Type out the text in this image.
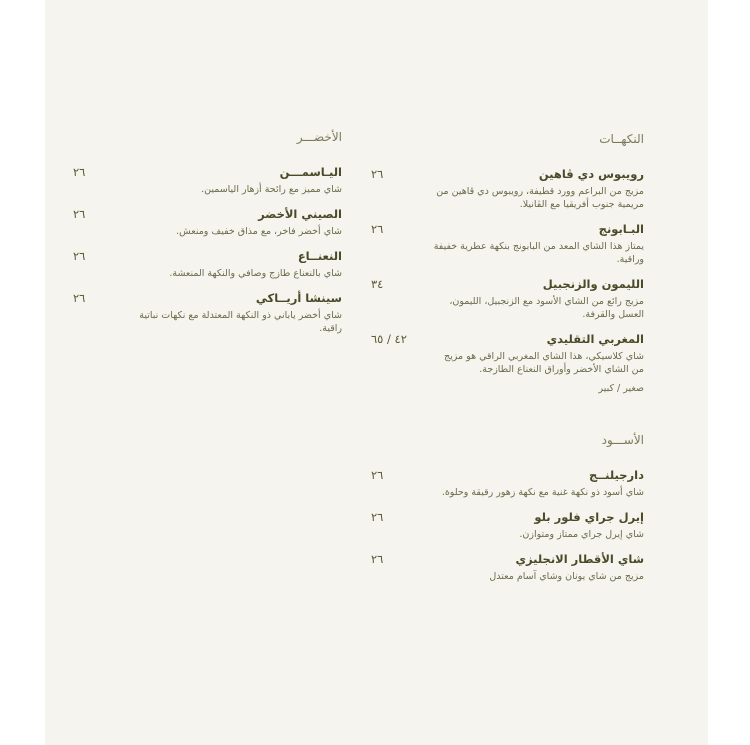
النكهــات
رويبوس دي ڤاهين
مزيج من البراعم وورد قطيفة، رويبوس دي ڤاهين من مريمية جنوب أفريقيا مع الڤانيلا.
٢٦
البـابونج
يمتاز هذا الشاي المعد من البابونج بنكهة عطرية خفيفة وراقية.
٢٦
الليمون والزنجبيل
مزيج رائع من الشاي الأسود مع الزنجبيل، الليمون، العسل والقرفة.
٣٤
المغربي التقليدي
شاي كلاسيكي، هذا الشاي المغربي الراقي هو مزيج من الشاي الأخضر وأوراق النعناع الطازجة.
صغير / كبير
٤٢ / ٦٥
الأســـود
دارجيلنــج
شاي أسود ذو نكهة غنية مع نكهة زهور رقيقة وحلوة.
٢٦
إيرل جراي فلور بلو
شاي إيرل جراي ممتاز ومتوازن.
٢٦
شاي الأقطار الانجليزي
مزيج من شاي يونان وشاي آسام معتدل
٢٦
الأخضـــر
اليـاسمـــن
شاي مميز مع رائحة أزهار الياسمين.
٢٦
الصيني الأخضر
شاي أخضر فاخر، مع مذاق خفيف ومنعش.
٢٦
النعنــاع
شاي بالنعناع طازج وصافي والنكهة المنعشة.
٢٦
سينشا أريــاكي
شاي أخضر ياباني ذو النكهة المعتدلة مع نكهات نباتية راقية.
٢٦
